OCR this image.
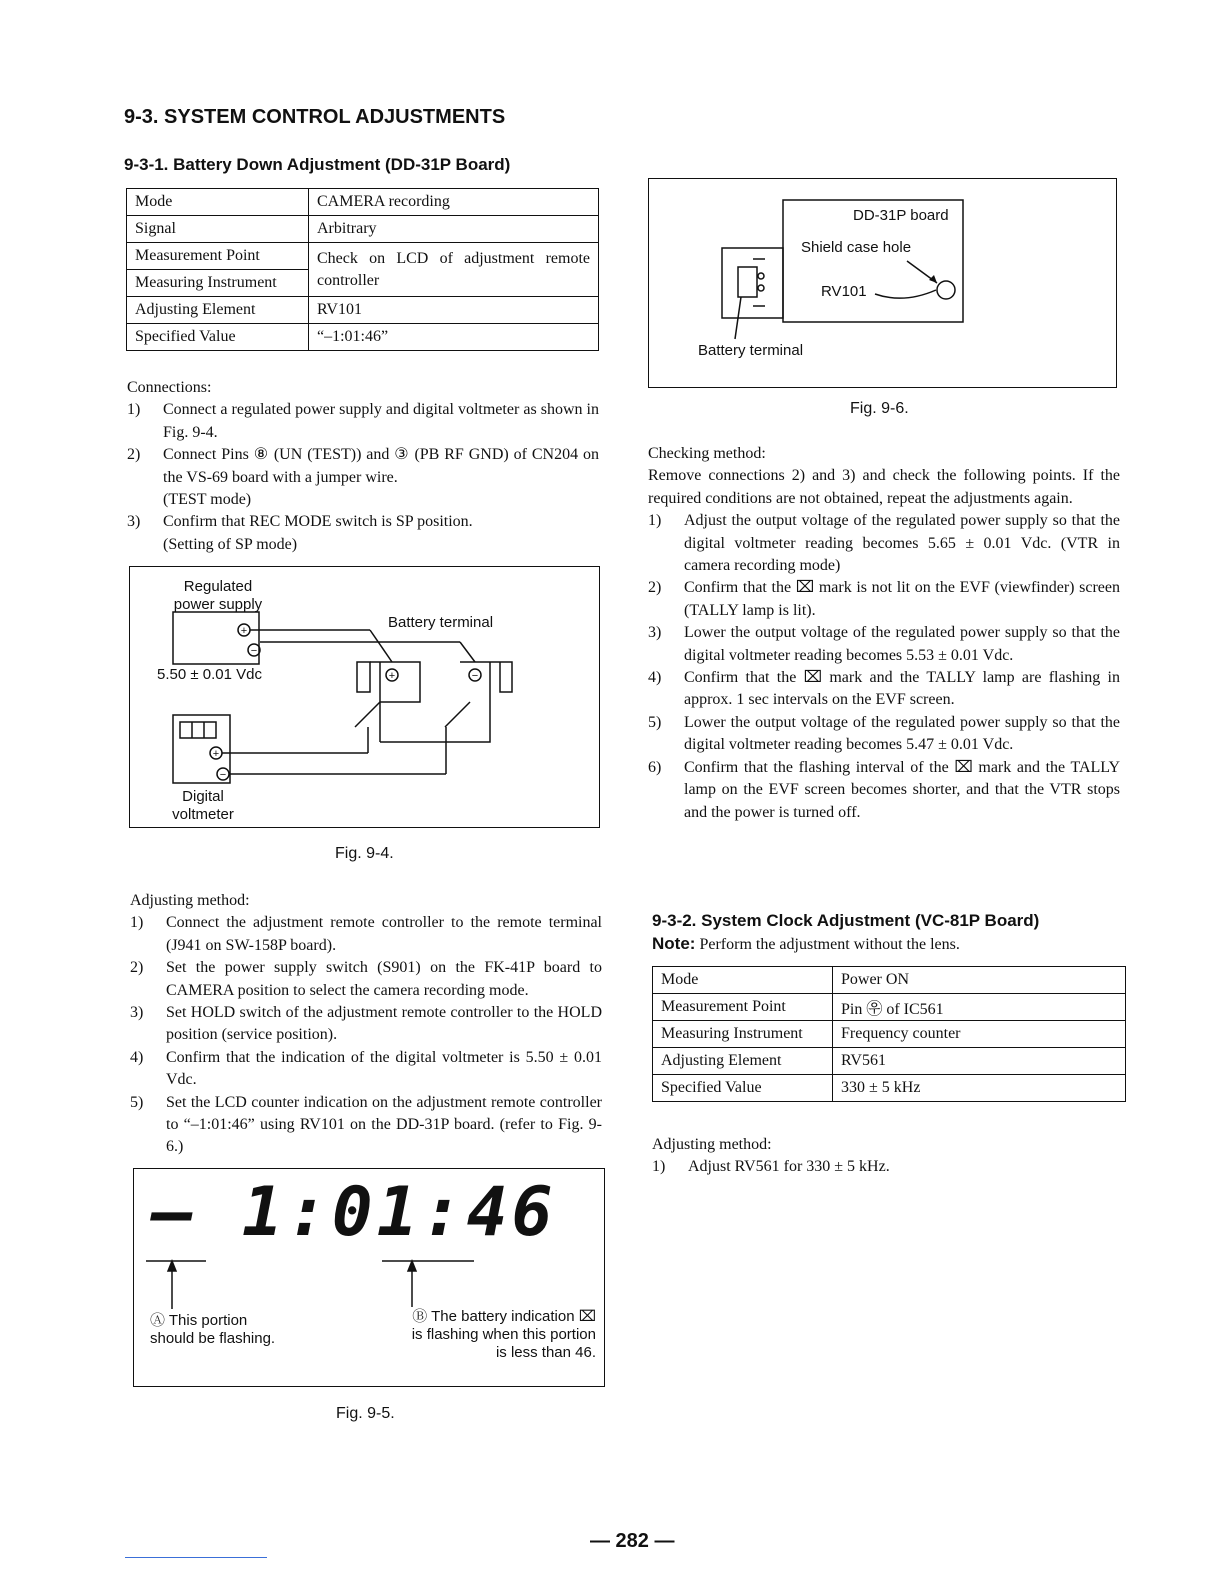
9-3. SYSTEM CONTROL ADJUSTMENTS
9-3-1. Battery Down Adjustment (DD-31P Board)
Mode	CAMERA recording
Signal	Arbitrary
Measurement Point	Check on LCD of adjustment remote controller
Measuring Instrument	
Adjusting Element	RV101
Specified Value	“–1:01:46”
Connections:
1) Connect a regulated power supply and digital voltmeter as shown in Fig. 9-4.
2) Connect Pins ⑧ (UN (TEST)) and ③ (PB RF GND) of CN204 on the VS-69 board with a jumper wire.
(TEST mode)
3) Confirm that REC MODE switch is SP position.
(Setting of SP mode)
+
−
+	−
+
−
Regulated power supply
5.50 ± 0.01 Vdc
Battery terminal
Digital voltmeter
Fig. 9-4.
Adjusting method:
1) Connect the adjustment remote controller to the remote terminal (J941 on SW-158P board).
2) Set the power supply switch (S901) on the FK-41P board to CAMERA position to select the camera recording mode.
3) Set HOLD switch of the adjustment remote controller to the HOLD position (service position).
4) Confirm that the indication of the digital voltmeter is 5.50 ± 0.01 Vdc.
5) Set the LCD counter indication on the adjustment remote controller to “–1:01:46” using RV101 on the DD-31P board. (refer to Fig. 9-6.)
– 1:01:46
Ⓐ This portion should be flashing.
Ⓑ The battery indication ⌧ is flashing when this portion is less than 46.
Fig. 9-5.
DD-31P board
Shield case hole
RV101
Battery terminal
Fig. 9-6.
Checking method:
Remove connections 2) and 3) and check the following points. If the required conditions are not obtained, repeat the adjustments again.
1) Adjust the output voltage of the regulated power supply so that the digital voltmeter reading becomes 5.65 ± 0.01 Vdc. (VTR in camera recording mode)
2) Confirm that the ⌧ mark is not lit on the EVF (viewfinder) screen (TALLY lamp is lit).
3) Lower the output voltage of the regulated power supply so that the digital voltmeter reading becomes 5.53 ± 0.01 Vdc.
4) Confirm that the ⌧ mark and the TALLY lamp are flashing in approx. 1 sec intervals on the EVF screen.
5) Lower the output voltage of the regulated power supply so that the digital voltmeter reading becomes 5.47 ± 0.01 Vdc.
6) Confirm that the flashing interval of the ⌧ mark and the TALLY lamp on the EVF screen becomes shorter, and that the VTR stops and the power is turned off.
9-3-2. System Clock Adjustment (VC-81P Board)
Note: Perform the adjustment without the lens.
Mode	Power ON
Measurement Point	Pin ㉾ of IC561
Measuring Instrument	Frequency counter
Adjusting Element	RV561
Specified Value	330 ± 5 kHz
Adjusting method:
1) Adjust RV561 for 330 ± 5 kHz.
— 282 —
